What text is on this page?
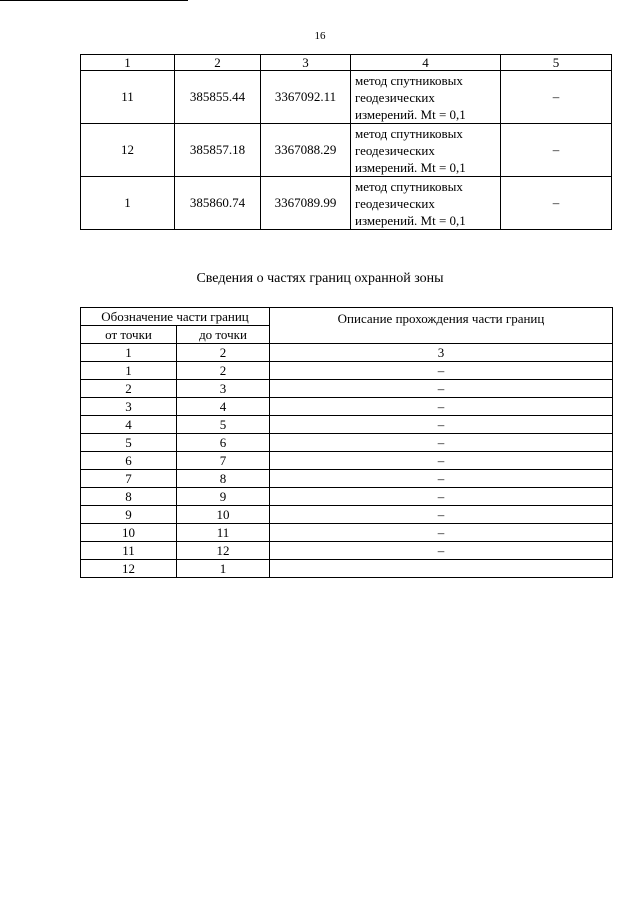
16
1	2	3	4	5
11	385855.44	3367092.11	метод спутниковых
геодезических
измерений. Mt = 0,1	–
12	385857.18	3367088.29	метод спутниковых
геодезических
измерений. Mt = 0,1	–
1	385860.74	3367089.99	метод спутниковых
геодезических
измерений. Mt = 0,1	–
Сведения о частях границ охранной зоны
Обозначение части границ		Описание прохождения части границ
от точки	до точки	
1	2	3
1	2	–
2	3	–
3	4	–
4	5	–
5	6	–
6	7	–
7	8	–
8	9	–
9	10	–
10	11	–
11	12	–
12	1	
